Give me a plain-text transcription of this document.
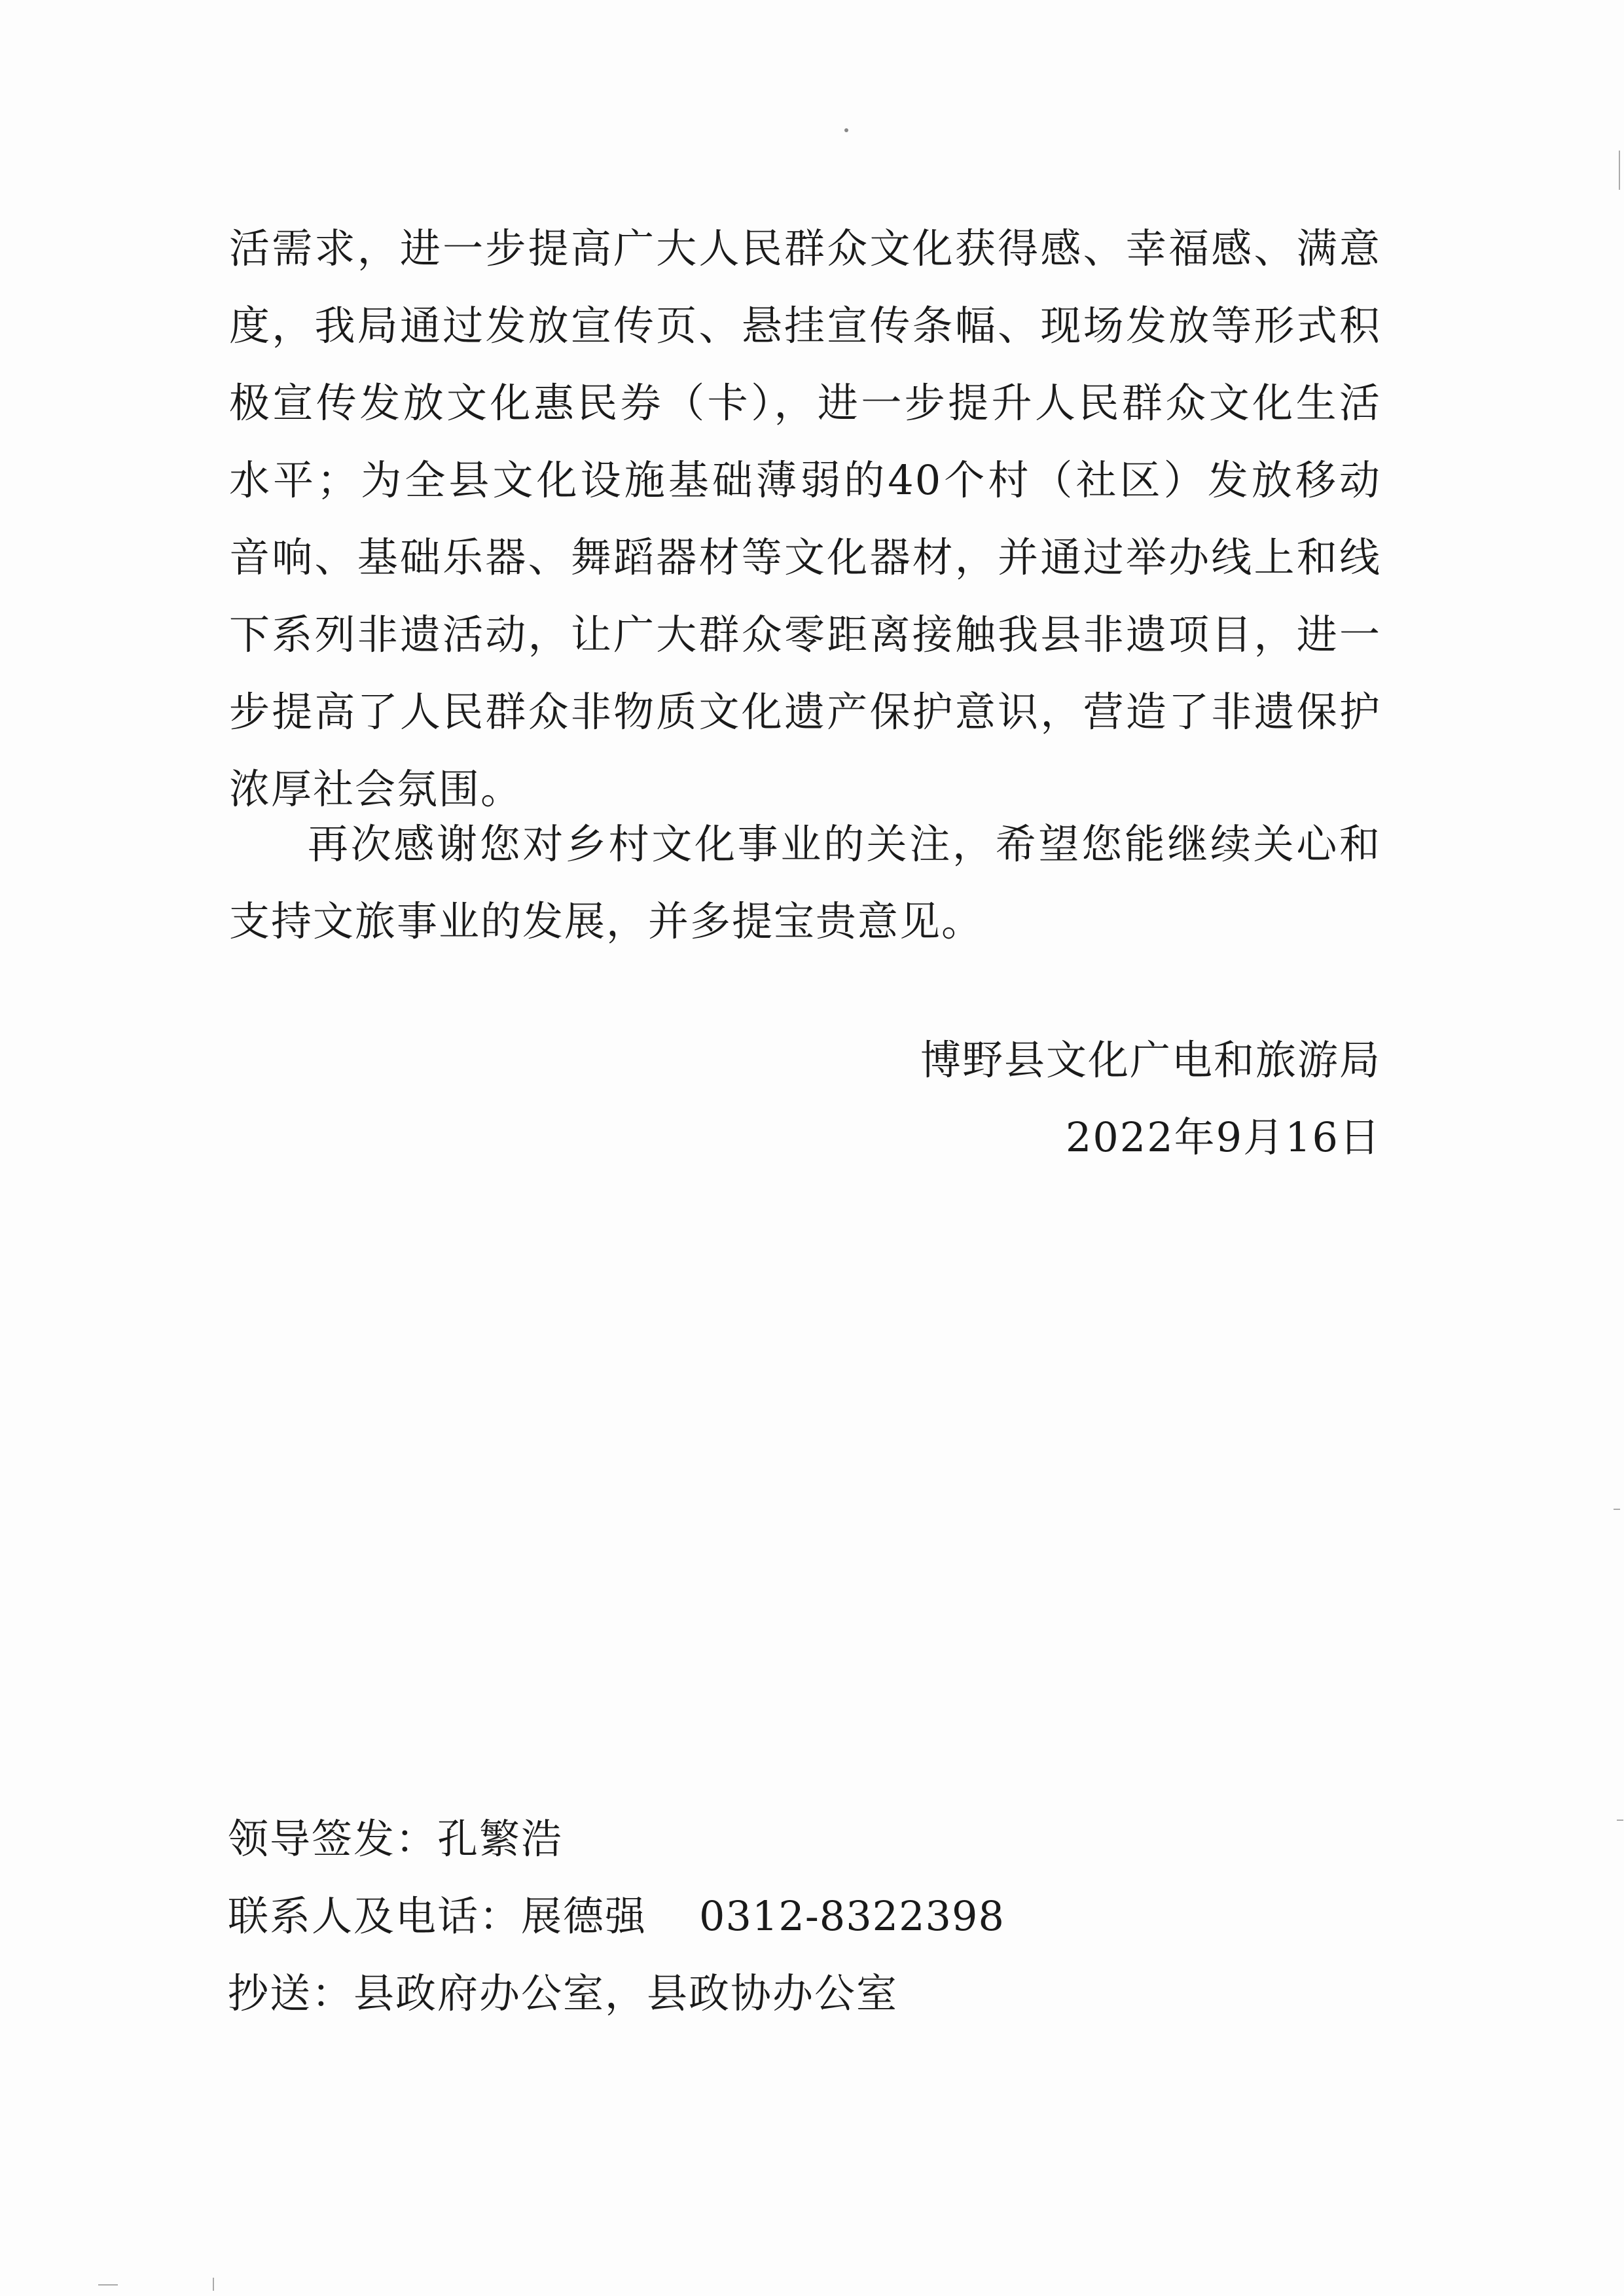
活需求，进一步提高广大人民群众文化获得感、幸福感、满意
度，我局通过发放宣传页、悬挂宣传条幅、现场发放等形式积
极宣传发放文化惠民券（卡），进一步提升人民群众文化生活
水平；为全县文化设施基础薄弱的40个村（社区）发放移动
音响、基础乐器、舞蹈器材等文化器材，并通过举办线上和线
下系列非遗活动，让广大群众零距离接触我县非遗项目，进一
步提高了人民群众非物质文化遗产保护意识，营造了非遗保护
浓厚社会氛围。
再次感谢您对乡村文化事业的关注，希望您能继续关心和
支持文旅事业的发展，并多提宝贵意见。
博野县文化广电和旅游局
2022年9月16日
领导签发：孔繁浩
联系人及电话：展德强 0312-8322398
抄送：县政府办公室，县政协办公室
